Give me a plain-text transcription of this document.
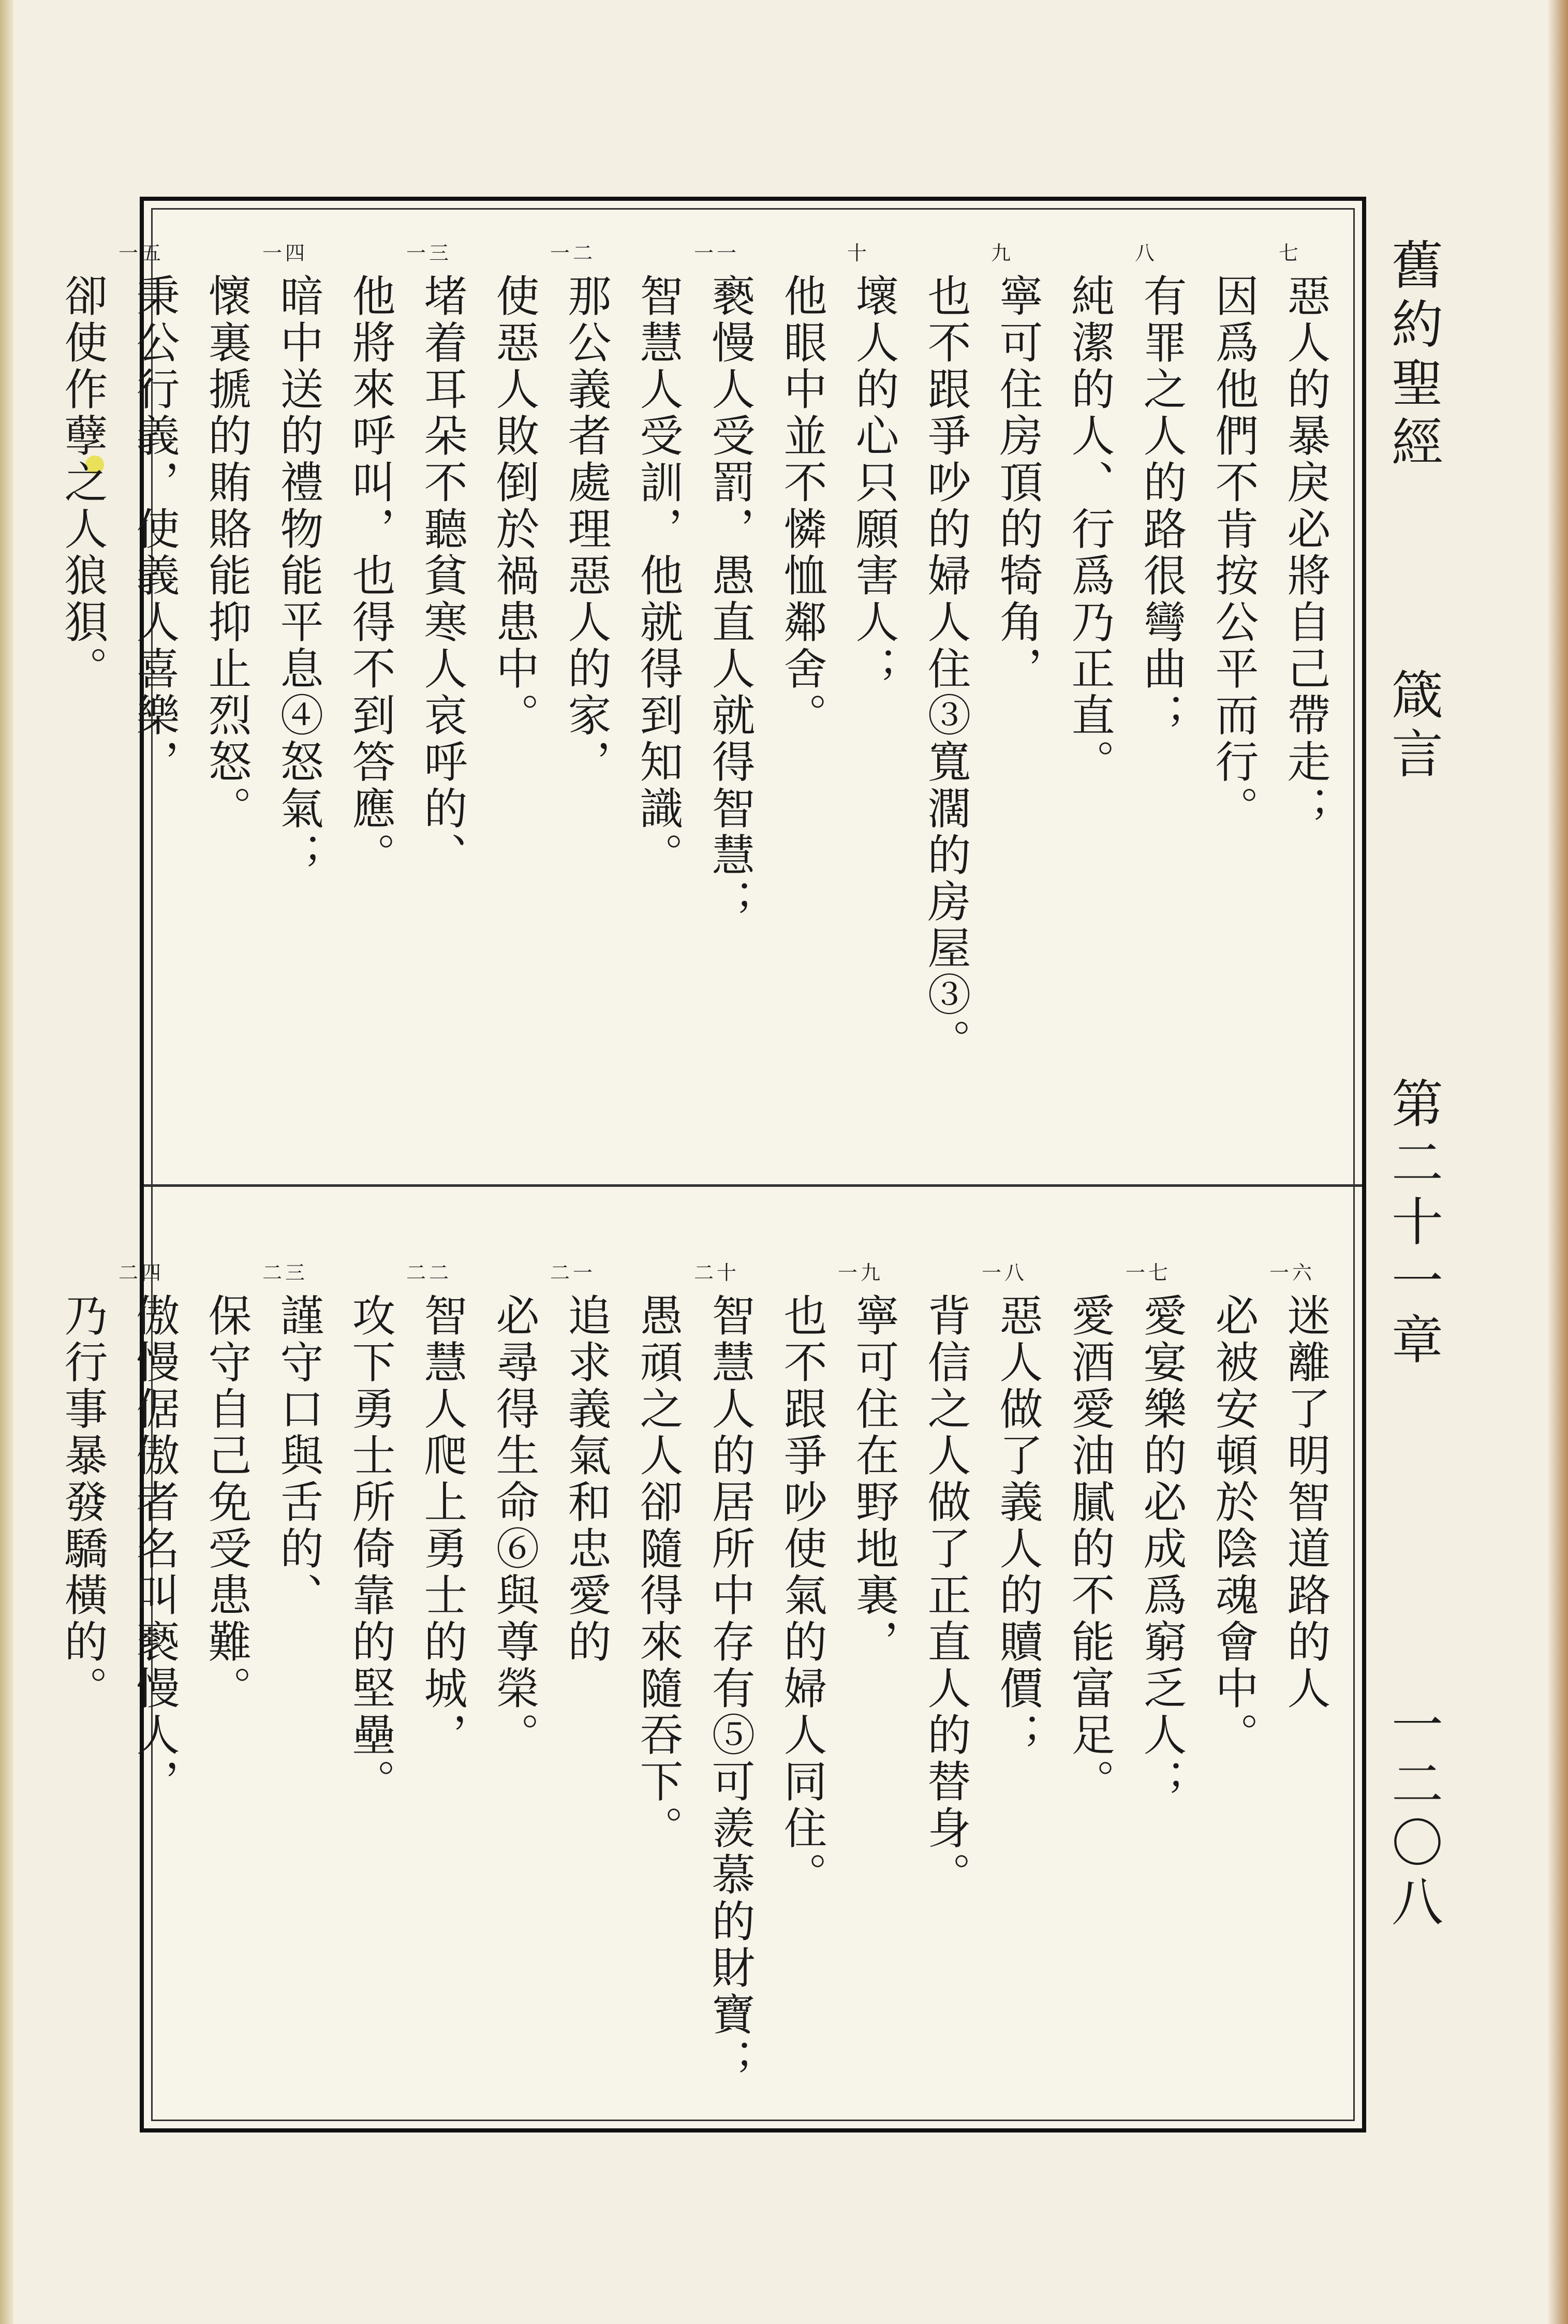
舊約聖經
箴言
第二十一章
一二〇八
七
惡人的暴戾必將自己帶走；
因爲他們不肯按公平而行。
八
有罪之人的路很彎曲；
純潔的人、行爲乃正直。
九
寧可住房頂的犄角，
也不跟爭吵的婦人住③寬濶的房屋③。
十
壞人的心只願害人；
他眼中並不憐恤鄰舍。
一一
褻慢人受罰，愚直人就得智慧；
智慧人受訓，他就得到知識。
一二
那公義者處理惡人的家，
使惡人敗倒於禍患中。
一三
堵着耳朵不聽貧寒人哀呼的、
他將來呼叫，也得不到答應。
一四
暗中送的禮物能平息④怒氣；
懷裏搋的賄賂能抑止烈怒。
一五
秉公行義，使義人喜樂，
卻使作孽之人狼狽。
一六
迷離了明智道路的人
必被安頓於陰魂會中。
一七
愛宴樂的必成爲窮乏人；
愛酒愛油膩的不能富足。
一八
惡人做了義人的贖價；
背信之人做了正直人的替身。
一九
寧可住在野地裏，
也不跟爭吵使氣的婦人同住。
二十
智慧人的居所中存有⑤可羨慕的財寶；
愚頑之人卻隨得來隨吞下。
二一
追求義氣和忠愛的
必尋得生命⑥與尊榮。
二二
智慧人爬上勇士的城，
攻下勇士所倚靠的堅壘。
二三
謹守口與舌的、
保守自己免受患難。
二四
傲慢倨傲者名叫褻慢人，
乃行事暴發驕橫的。
